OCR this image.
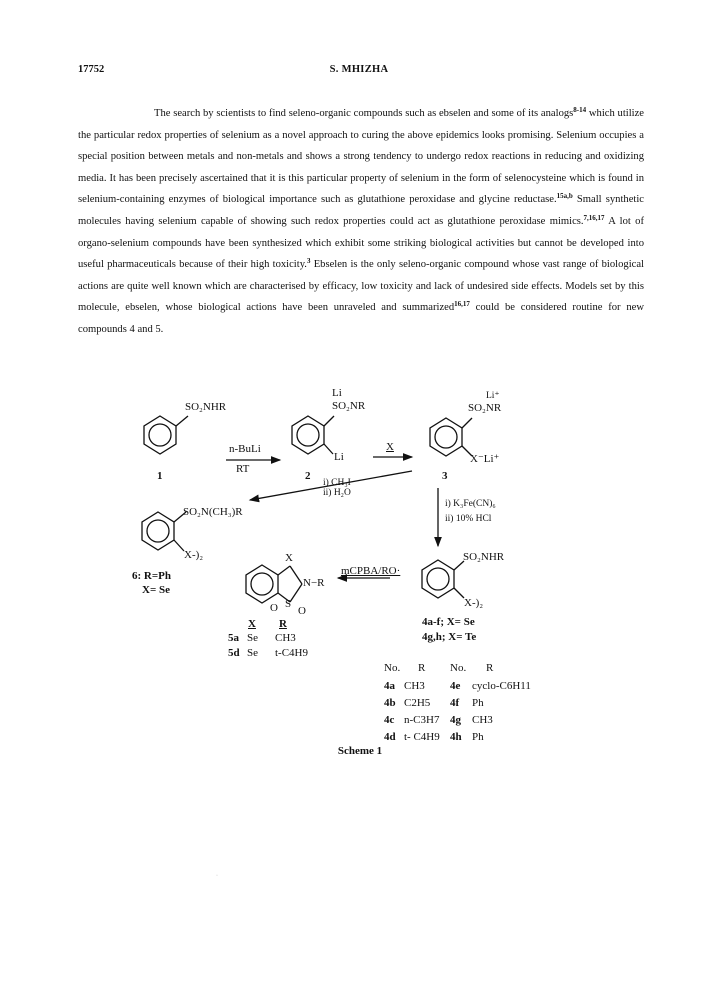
17752	S. MHIZHA

The search by scientists to find seleno-organic compounds such as ebselen and some of its analogs$^{8-14}$ which utilize the particular redox properties of selenium as a novel approach to curing the above epidemics looks promising. Selenium occupies a special position between metals and non-metals and shows a strong tendency to undergo redox reactions in reducing and oxidizing media. It has been precisely ascertained that it is this particular property of selenium in the form of selenocysteine which is found in selenium-containing enzymes of biological importance such as glutathione peroxidase and glycine reductase.$^{15a,b}$ Small synthetic molecules having selenium capable of showing such redox properties could act as glutathione peroxidase mimics.$^{7,16,17}$ A lot of organo-selenium compounds have been synthesized which exhibit some striking biological activities but cannot be developed into useful pharmaceuticals because of their high toxicity.$^3$ Ebselen is the only seleno-organic compound whose vast range of biological actions are quite well known which are characterised by efficacy, low toxicity and lack of undesired side effects. Models set by this molecule, ebselen, whose biological actions have been unraveled and summarized$^{16,17}$ could be considered routine for new compounds 4 and 5.

SO₂NHR
1
n-BuLi
RT
Li
SO₂NR
Li
2
X
Li⁺
SO₂NR
X⁻Li⁺
3
i) CH₃I
ii) H₂O
i) K₃Fe(CN)₆
ii) 10% HCl
SO₂N(CH₃)R
X-)₂
6: R=Ph
X= Se
SO₂NHR
X-)₂
4a-f; X= Se
4g,h; X= Te
mCPBA/RO·
X
N−R
S
O O
X R
5a Se CH3
5d Se t-C4H9
No. R No. R
4a CH3 4e cyclo-C6H11
4b C2H5 4f Ph
4c n-C3H7 4g CH3
4d t- C4H9 4h Ph
Scheme 1
·
